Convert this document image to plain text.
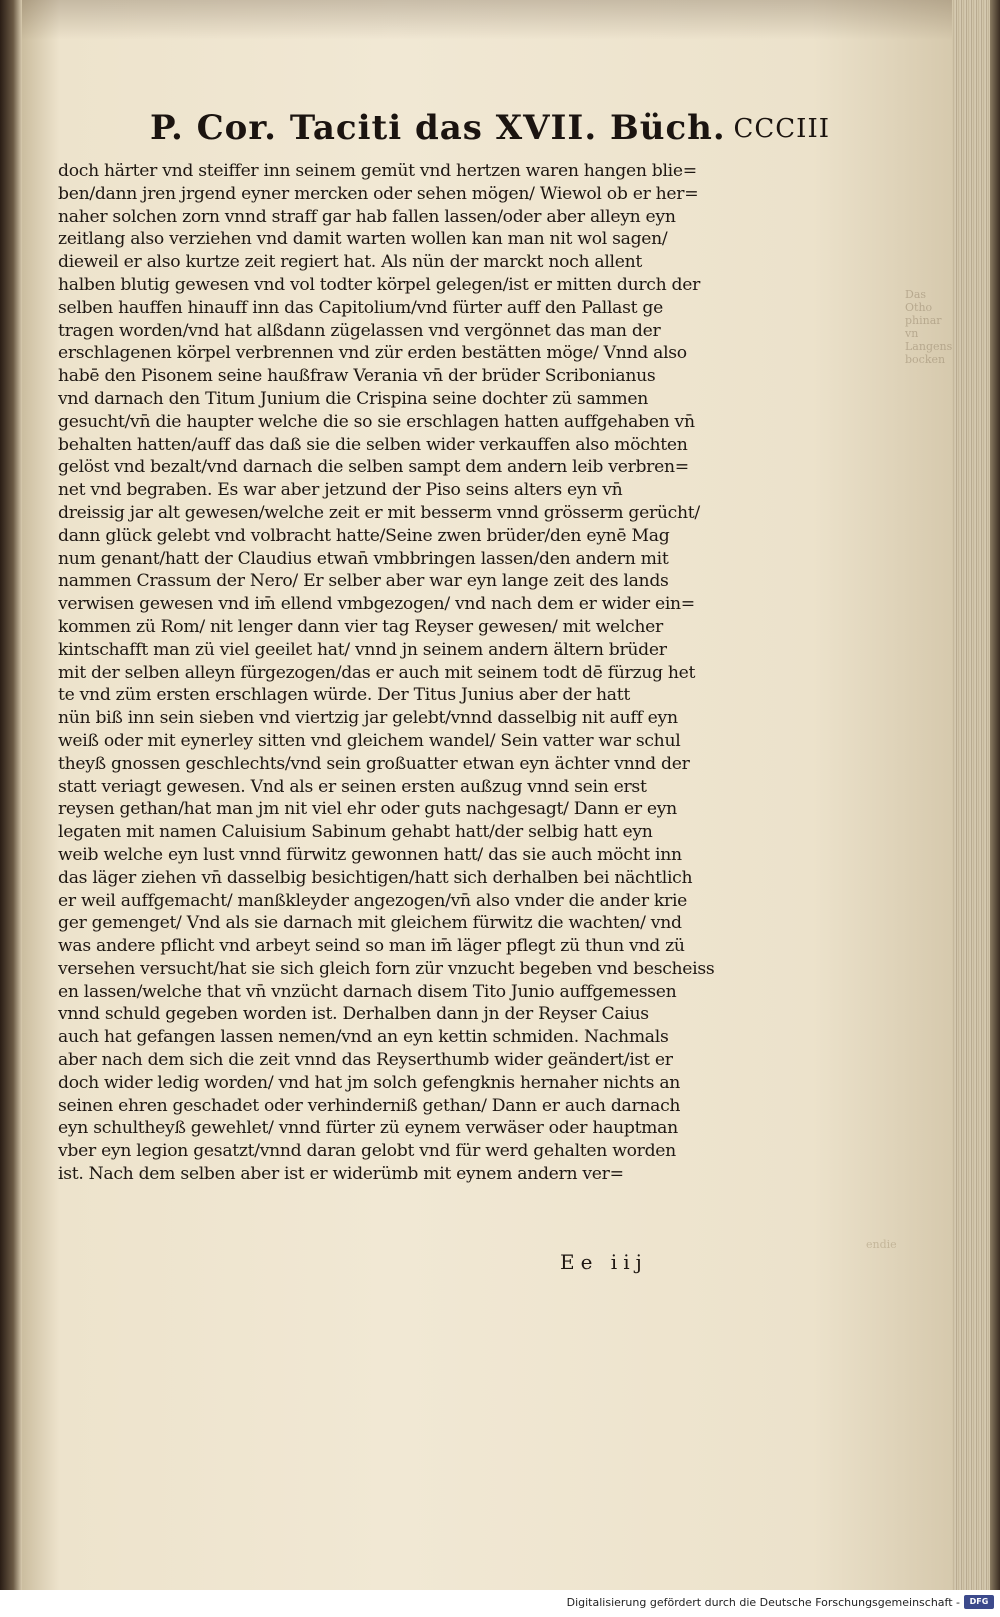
P. Cor. Taciti das XVII. Büch. CCCIII
doch härter vnd steiffer inn seinem gemüt vnd hertzen waren hangen blie=
ben/dann jren jrgend eyner mercken oder sehen mögen/ Wiewol ob er her=
naher solchen zorn vnnd straff gar hab fallen lassen/oder aber alleyn eyn
zeitlang also verziehen vnd damit warten wollen kan man nit wol sagen/
dieweil er also kurtze zeit regiert hat. Als nün der marckt noch allent
halben blutig gewesen vnd vol todter körpel gelegen/ist er mitten durch der
selben hauffen hinauff inn das Capitolium/vnd fürter auff den Pallast ge
tragen worden/vnd hat alßdann zügelassen vnd vergönnet das man der
erschlagenen körpel verbrennen vnd zür erden bestätten möge/ Vnnd also
habē den Pisonem seine haußfraw Verania vn̄ der brüder Scribonianus
vnd darnach den Titum Junium die Crispina seine dochter zü sammen
gesucht/vn̄ die haupter welche die so sie erschlagen hatten auffgehaben vn̄
behalten hatten/auff das daß sie die selben wider verkauffen also möchten
gelöst vnd bezalt/vnd darnach die selben sampt dem andern leib verbren=
net vnd begraben. Es war aber jetzund der Piso seins alters eyn vn̄
dreissig jar alt gewesen/welche zeit er mit besserm vnnd grösserm gerücht/
dann glück gelebt vnd volbracht hatte/Seine zwen brüder/den eynē Mag
num genant/hatt der Claudius etwan̄ vmbbringen lassen/den andern mit
nammen Crassum der Nero/ Er selber aber war eyn lange zeit des lands
verwisen gewesen vnd im̄ ellend vmbgezogen/ vnd nach dem er wider ein=
kommen zü Rom/ nit lenger dann vier tag Reyser gewesen/ mit welcher
kintschafft man zü viel geeilet hat/ vnnd jn seinem andern ältern brüder
mit der selben alleyn fürgezogen/das er auch mit seinem todt dē fürzug het
te vnd züm ersten erschlagen würde. Der Titus Junius aber der hatt
nün biß inn sein sieben vnd viertzig jar gelebt/vnnd dasselbig nit auff eyn
weiß oder mit eynerley sitten vnd gleichem wandel/ Sein vatter war schul
theyß gnossen geschlechts/vnd sein großuatter etwan eyn ächter vnnd der
statt veriagt gewesen. Vnd als er seinen ersten außzug vnnd sein erst
reysen gethan/hat man jm nit viel ehr oder guts nachgesagt/ Dann er eyn
legaten mit namen Caluisium Sabinum gehabt hatt/der selbig hatt eyn
weib welche eyn lust vnnd fürwitz gewonnen hatt/ das sie auch möcht inn
das läger ziehen vn̄ dasselbig besichtigen/hatt sich derhalben bei nächtlich
er weil auffgemacht/ manßkleyder angezogen/vn̄ also vnder die ander krie
ger gemenget/ Vnd als sie darnach mit gleichem fürwitz die wachten/ vnd
was andere pflicht vnd arbeyt seind so man im̄ läger pflegt zü thun vnd zü
versehen versucht/hat sie sich gleich forn zür vnzucht begeben vnd bescheiss
en lassen/welche that vn̄ vnzücht darnach disem Tito Junio auffgemessen
vnnd schuld gegeben worden ist. Derhalben dann jn der Reyser Caius
auch hat gefangen lassen nemen/vnd an eyn kettin schmiden. Nachmals
aber nach dem sich die zeit vnnd das Reyserthumb wider geändert/ist er
doch wider ledig worden/ vnd hat jm solch gefengknis hernaher nichts an
seinen ehren geschadet oder verhinderniß gethan/ Dann er auch darnach
eyn schultheyß gewehlet/ vnnd fürter zü eynem verwäser oder hauptman
vber eyn legion gesatzt/vnnd daran gelobt vnd für werd gehalten worden
ist. Nach dem selben aber ist er widerümb mit eynem andern ver=
Das Otho
phinar vn
Langens
bocken
endie
Ee iij
Digitalisierung gefördert durch die Deutsche Forschungsgemeinschaft -	DFG
